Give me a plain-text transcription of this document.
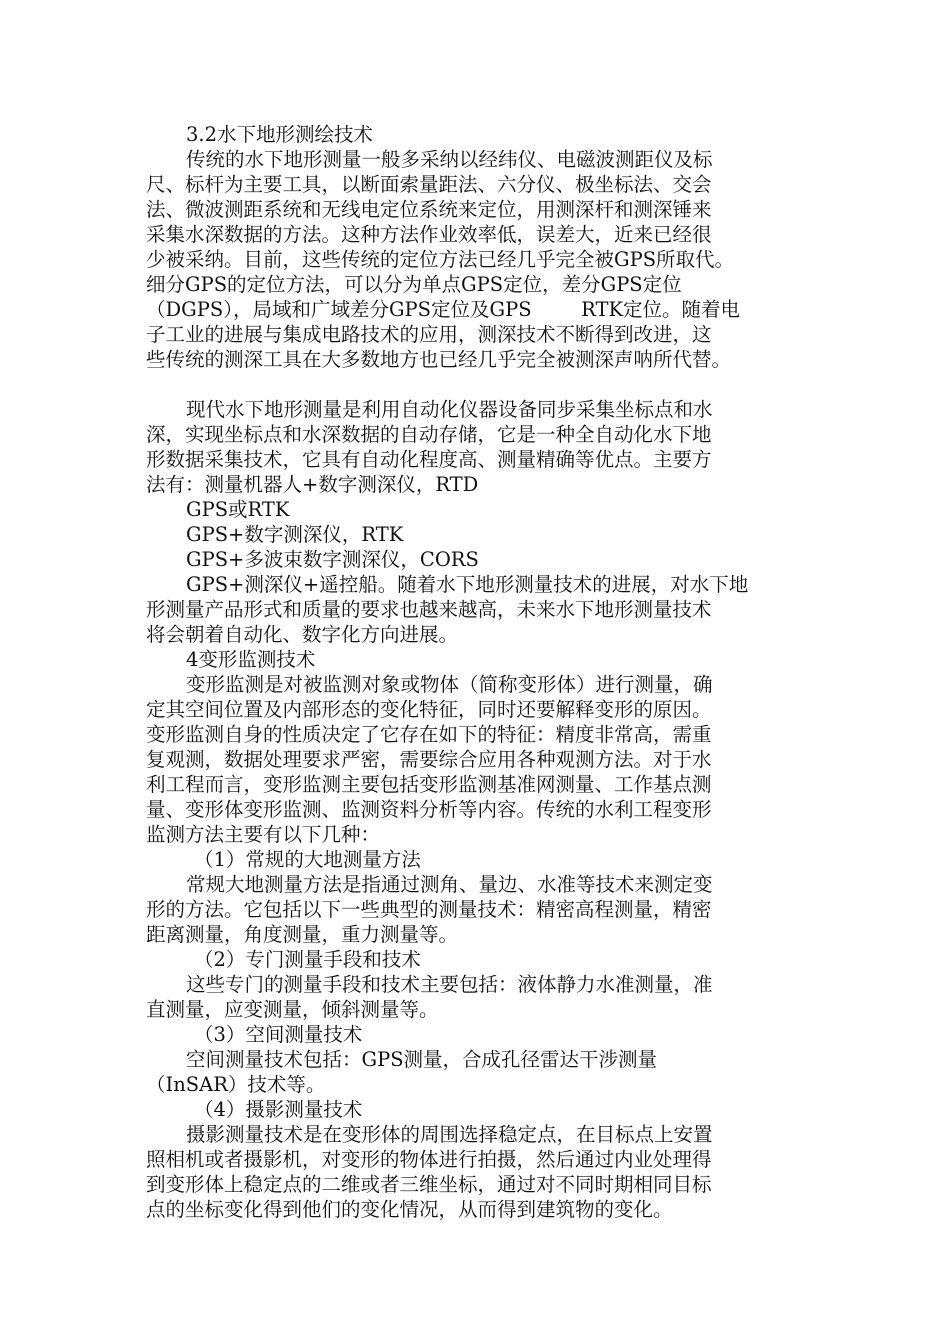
3.2水下地形测绘技术

传统的水下地形测量一般多采纳以经纬仪、电磁波测距仪及标

尺、标杆为主要工具，以断面索量距法、六分仪、极坐标法、交会

法、微波测距系统和无线电定位系统来定位，用测深杆和测深锤来

采集水深数据的方法。这种方法作业效率低，误差大，近来已经很

少被采纳。目前，这些传统的定位方法已经几乎完全被GPS所取代。

细分GPS的定位方法，可以分为单点GPS定位，差分GPS定位

（DGPS），局域和广域差分GPS定位及GPS        RTK定位。随着电

子工业的进展与集成电路技术的应用，测深技术不断得到改进，这

些传统的测深工具在大多数地方也已经几乎完全被测深声呐所代替。

现代水下地形测量是利用自动化仪器设备同步采集坐标点和水

深，实现坐标点和水深数据的自动存储，它是一种全自动化水下地

形数据采集技术，它具有自动化程度高、测量精确等优点。主要方

法有：测量机器人+数字测深仪，RTD

GPS或RTK

GPS+数字测深仪，RTK

GPS+多波束数字测深仪，CORS

GPS+测深仪+遥控船。随着水下地形测量技术的进展，对水下地

形测量产品形式和质量的要求也越来越高，未来水下地形测量技术

将会朝着自动化、数字化方向进展。

4变形监测技术

变形监测是对被监测对象或物体（简称变形体）进行测量，确

定其空间位置及内部形态的变化特征，同时还要解释变形的原因。

变形监测自身的性质决定了它存在如下的特征：精度非常高，需重

复观测，数据处理要求严密，需要综合应用各种观测方法。对于水

利工程而言，变形监测主要包括变形监测基准网测量、工作基点测

量、变形体变形监测、监测资料分析等内容。传统的水利工程变形

监测方法主要有以下几种：

（1）常规的大地测量方法

常规大地测量方法是指通过测角、量边、水准等技术来测定变

形的方法。它包括以下一些典型的测量技术：精密高程测量，精密

距离测量，角度测量，重力测量等。

（2）专门测量手段和技术

这些专门的测量手段和技术主要包括：液体静力水准测量，准

直测量，应变测量，倾斜测量等。

（3）空间测量技术

空间测量技术包括：GPS测量，合成孔径雷达干涉测量

（InSAR）技术等。

（4）摄影测量技术

摄影测量技术是在变形体的周围选择稳定点，在目标点上安置

照相机或者摄影机，对变形的物体进行拍摄，然后通过内业处理得

到变形体上稳定点的二维或者三维坐标，通过对不同时期相同目标

点的坐标变化得到他们的变化情况，从而得到建筑物的变化。
